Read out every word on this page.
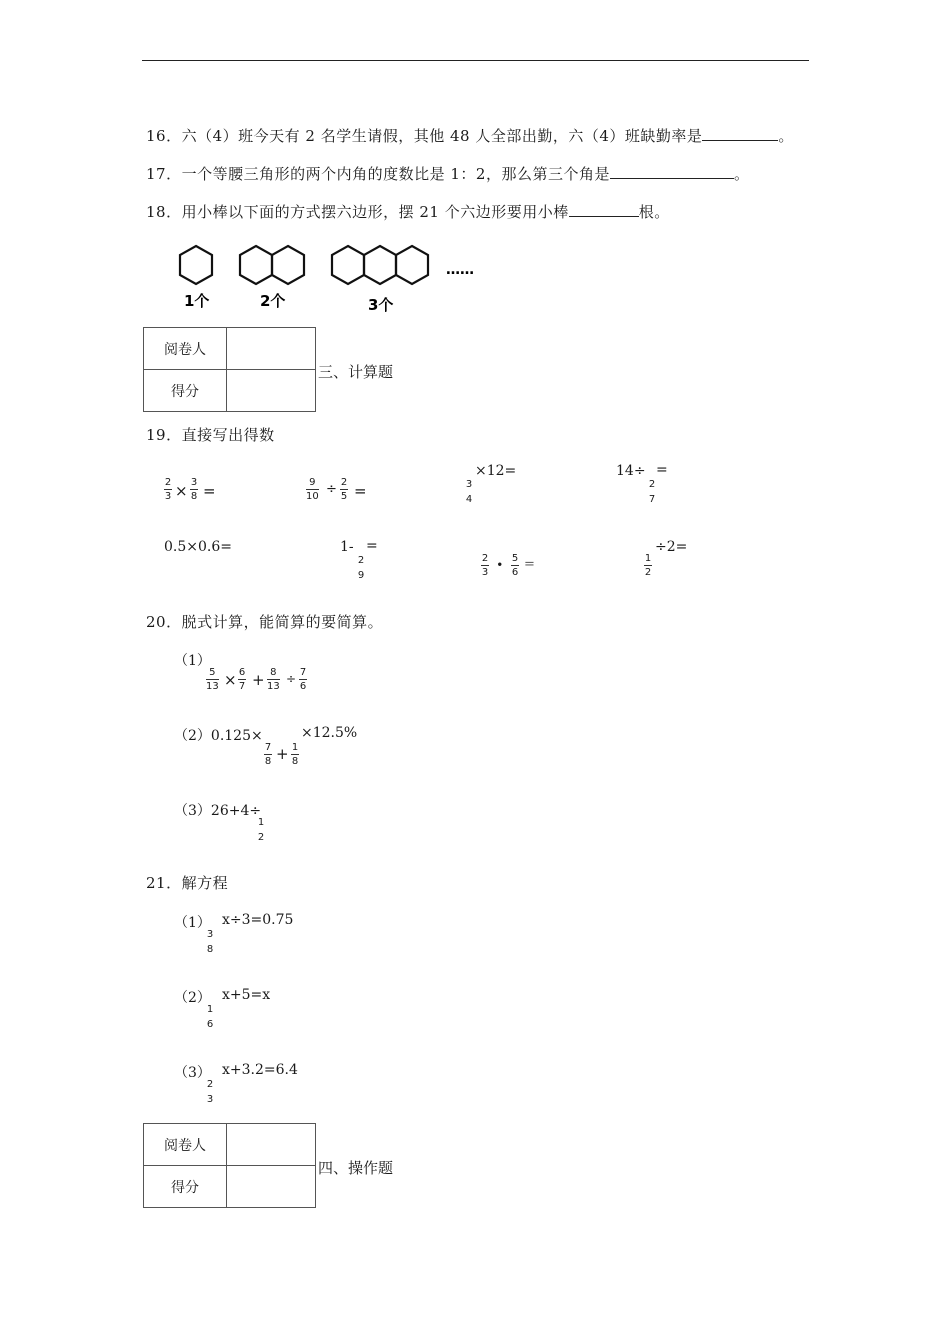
16．六（4）班今天有 2 名学生请假，其他 48 人全部出勤，六（4）班缺勤率是	。
17．一个等腰三角形的两个内角的度数比是 1：2，那么第三个角是	。
18．用小棒以下面的方式摆六边形，摆 21 个六边形要用小棒	根。
1个	2个	3个
……
阅卷人	
得分	
三、计算题
19．直接写出得数
2
3 × 3
8 =	9
10 ÷ 2
5 =	3
4
×12=	14÷ =
2
7
0.5×0.6=	1- =
2
9
2
3
∙ 5
6
=	1
2
÷2=
20．脱式计算，能简算的要简算。
（1）
5
13 × 6
7 + 8
13
÷ 7
6
（2）0.125×
7
8 + 1
8
×12.5%
（3）26+4÷
1
2
21．解方程
（1）
3
8
x÷3=0.75
（2）
1
6
x+5=x
（3）
2
3
x+3.2=6.4
阅卷人	
得分	
四、操作题
